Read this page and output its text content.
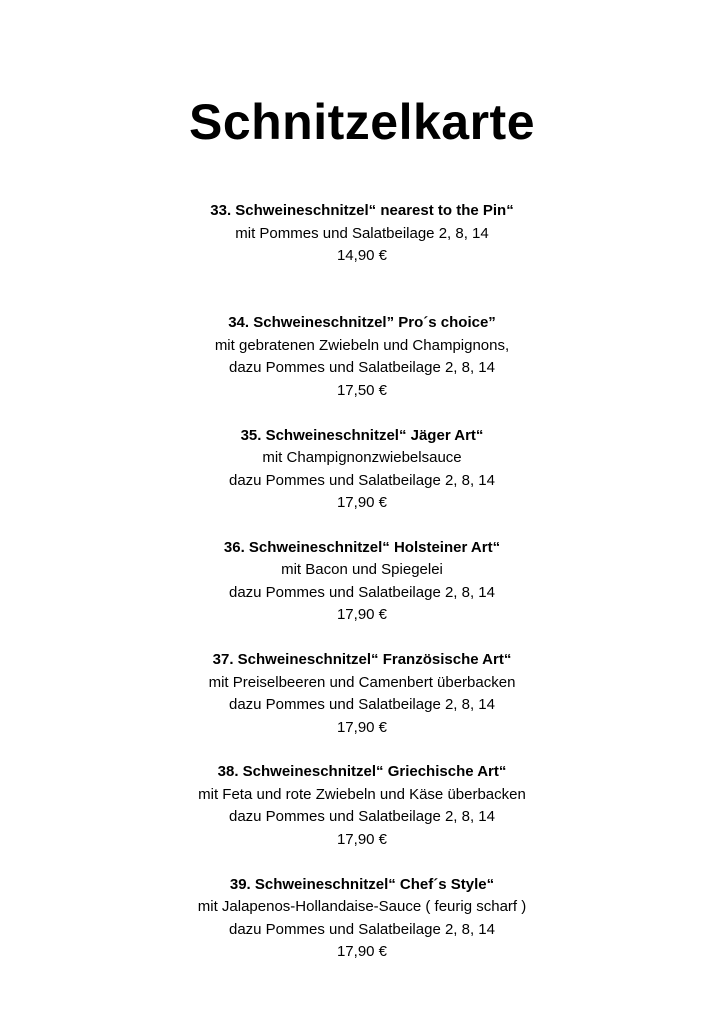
Schnitzelkarte
33. Schweineschnitzel“ nearest to the Pin“
mit Pommes und Salatbeilage 2, 8, 14
14,90 €
34. Schweineschnitzel” Pro´s choice”
mit gebratenen Zwiebeln und Champignons,
dazu Pommes und Salatbeilage 2, 8, 14
17,50 €
35. Schweineschnitzel“ Jäger Art“
mit Champignonzwiebelsauce
dazu Pommes und Salatbeilage 2, 8, 14
17,90 €
36. Schweineschnitzel“ Holsteiner Art“
mit Bacon und Spiegelei
dazu Pommes und Salatbeilage 2, 8, 14
17,90 €
37. Schweineschnitzel“ Französische Art“
mit Preiselbeeren und Camenbert überbacken
dazu Pommes und Salatbeilage 2, 8, 14
17,90 €
38. Schweineschnitzel“ Griechische Art“
mit Feta und rote Zwiebeln und Käse überbacken
dazu Pommes und Salatbeilage 2, 8, 14
17,90 €
39. Schweineschnitzel“ Chef´s Style“
mit Jalapenos-Hollandaise-Sauce ( feurig scharf )
dazu Pommes und Salatbeilage 2, 8, 14
17,90 €
